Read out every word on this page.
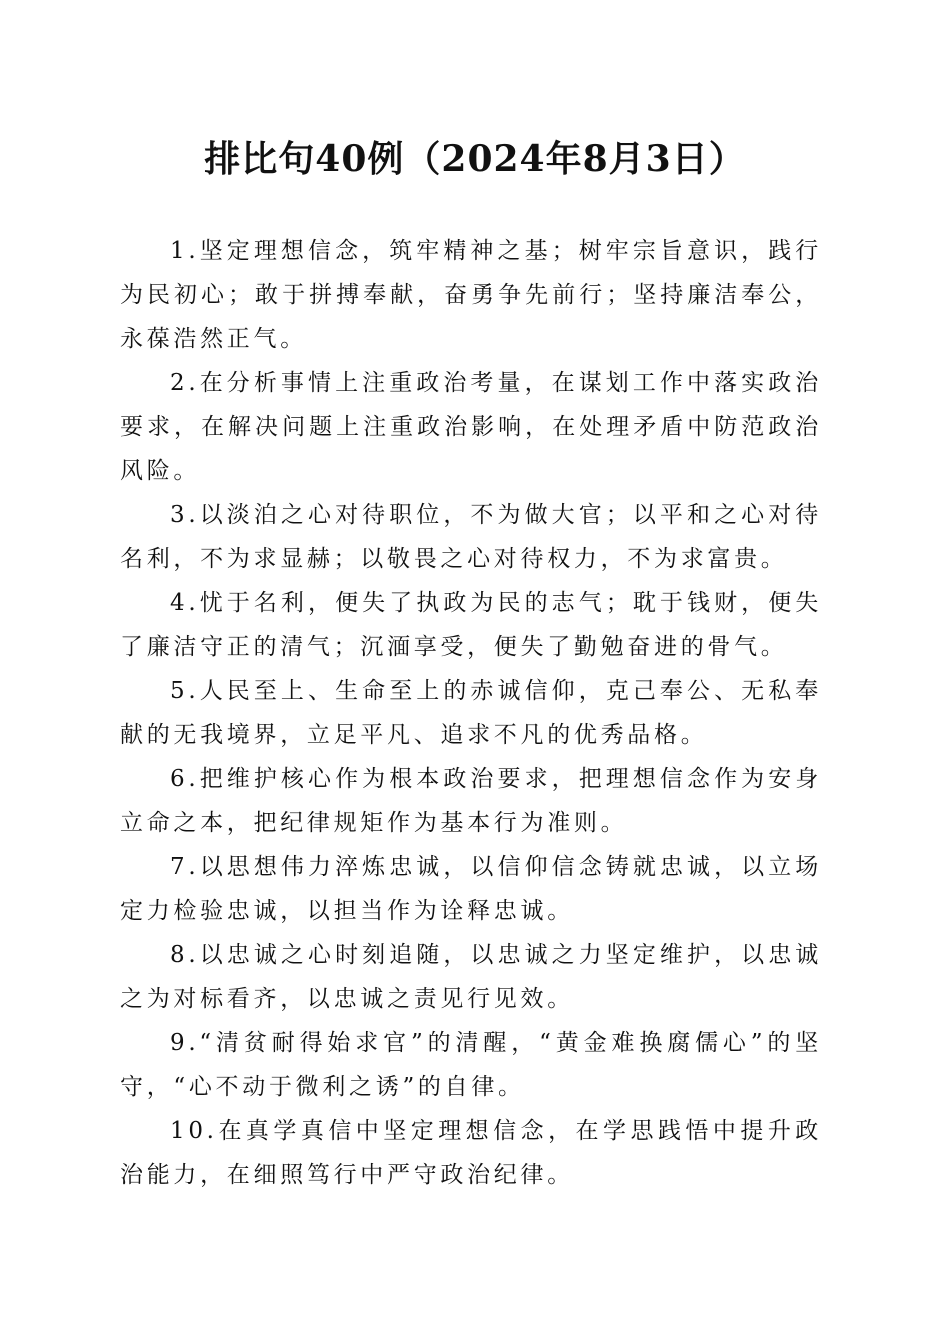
排比句40例（2024年8月3日）

1.坚定理想信念，筑牢精神之基；树牢宗旨意识，践行为民初心；敢于拼搏奉献，奋勇争先前行；坚持廉洁奉公，永葆浩然正气。

2.在分析事情上注重政治考量，在谋划工作中落实政治要求，在解决问题上注重政治影响，在处理矛盾中防范政治风险。

3.以淡泊之心对待职位，不为做大官；以平和之心对待名利，不为求显赫；以敬畏之心对待权力，不为求富贵。

4.忧于名利，便失了执政为民的志气；耽于钱财，便失了廉洁守正的清气；沉湎享受，便失了勤勉奋进的骨气。

5.人民至上、生命至上的赤诚信仰，克己奉公、无私奉献的无我境界，立足平凡、追求不凡的优秀品格。

6.把维护核心作为根本政治要求，把理想信念作为安身立命之本，把纪律规矩作为基本行为准则。

7.以思想伟力淬炼忠诚，以信仰信念铸就忠诚，以立场定力检验忠诚，以担当作为诠释忠诚。

8.以忠诚之心时刻追随，以忠诚之力坚定维护，以忠诚之为对标看齐，以忠诚之责见行见效。

9.“清贫耐得始求官”的清醒，“黄金难换腐儒心”的坚守，“心不动于微利之诱”的自律。

10.在真学真信中坚定理想信念，在学思践悟中提升政治能力，在细照笃行中严守政治纪律。
